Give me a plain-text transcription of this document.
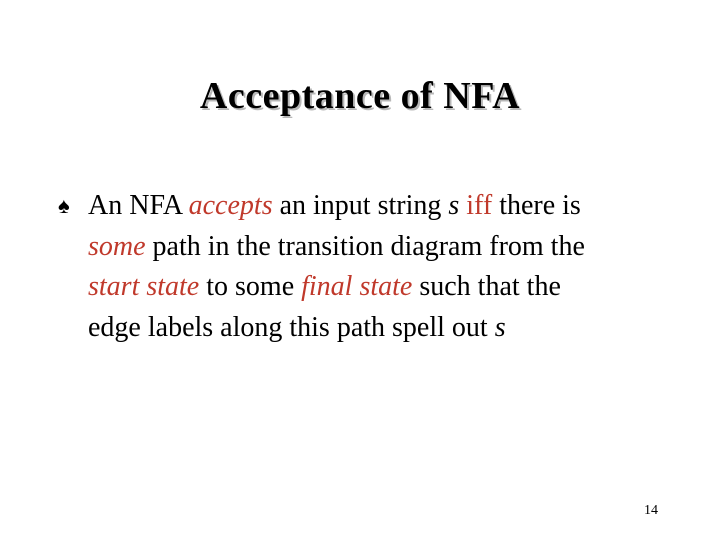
Acceptance of NFA
♠ An NFA accepts an input string s iff there is
some path in the transition diagram from the
start state to some final state such that the
edge labels along this path spell out s
14
